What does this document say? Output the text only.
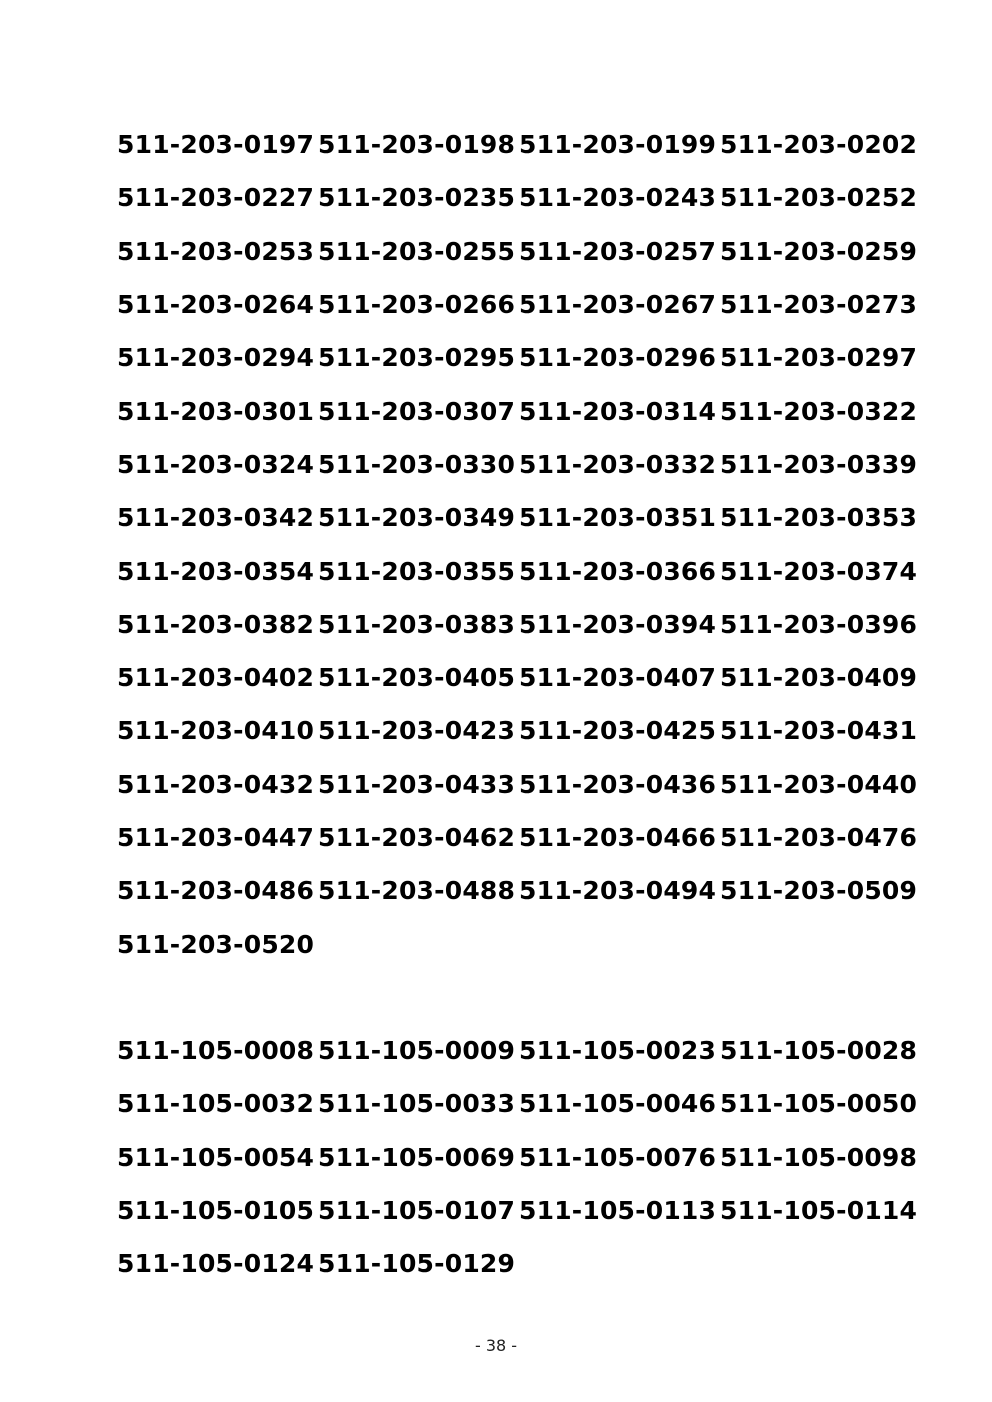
511-203-0197 511-203-0198 511-203-0199 511-203-0202
511-203-0227 511-203-0235 511-203-0243 511-203-0252
511-203-0253 511-203-0255 511-203-0257 511-203-0259
511-203-0264 511-203-0266 511-203-0267 511-203-0273
511-203-0294 511-203-0295 511-203-0296 511-203-0297
511-203-0301 511-203-0307 511-203-0314 511-203-0322
511-203-0324 511-203-0330 511-203-0332 511-203-0339
511-203-0342 511-203-0349 511-203-0351 511-203-0353
511-203-0354 511-203-0355 511-203-0366 511-203-0374
511-203-0382 511-203-0383 511-203-0394 511-203-0396
511-203-0402 511-203-0405 511-203-0407 511-203-0409
511-203-0410 511-203-0423 511-203-0425 511-203-0431
511-203-0432 511-203-0433 511-203-0436 511-203-0440
511-203-0447 511-203-0462 511-203-0466 511-203-0476
511-203-0486 511-203-0488 511-203-0494 511-203-0509
511-203-0520
511-105-0008 511-105-0009 511-105-0023 511-105-0028
511-105-0032 511-105-0033 511-105-0046 511-105-0050
511-105-0054 511-105-0069 511-105-0076 511-105-0098
511-105-0105 511-105-0107 511-105-0113 511-105-0114
511-105-0124 511-105-0129
- 38 -
